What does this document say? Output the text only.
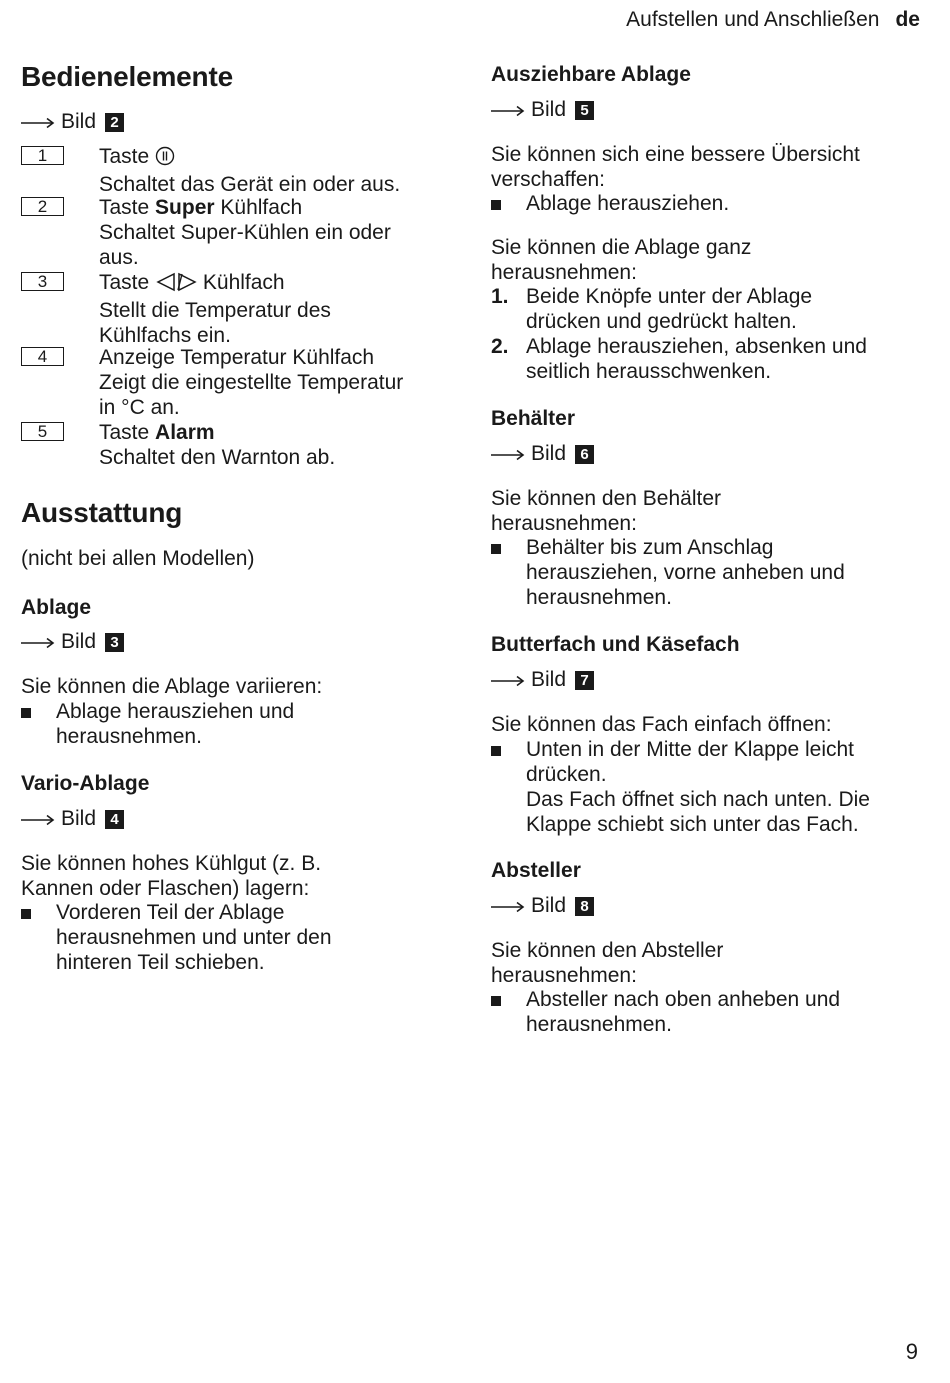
Aufstellen und Anschließen de
Bedienelemente
Bild 2
1	Taste
Schaltet das Gerät ein oder aus.
2	Taste Super Kühlfach
Schaltet Super-Kühlen ein oder
aus.
3	Taste	Kühlfach
Stellt die Temperatur des
Kühlfachs ein.
4	Anzeige Temperatur Kühlfach
Zeigt die eingestellte Temperatur
in °C an.
5	Taste Alarm
Schaltet den Warnton ab.
Ausstattung
(nicht bei allen Modellen)
Ablage
Bild 3
Sie können die Ablage variieren:
Ablage herausziehen und
herausnehmen.
Vario-Ablage
Bild 4
Sie können hohes Kühlgut (z. B.
Kannen oder Flaschen) lagern:
Vorderen Teil der Ablage
herausnehmen und unter den
hinteren Teil schieben.
Ausziehbare Ablage
Bild 5
Sie können sich eine bessere Übersicht
verschaffen:
Ablage herausziehen.
Sie können die Ablage ganz
herausnehmen:
1. Beide Knöpfe unter der Ablage
drücken und gedrückt halten.
2. Ablage herausziehen, absenken und
seitlich herausschwenken.
Behälter
Bild 6
Sie können den Behälter
herausnehmen:
Behälter bis zum Anschlag
herausziehen, vorne anheben und
herausnehmen.
Butterfach und Käsefach
Bild 7
Sie können das Fach einfach öffnen:
Unten in der Mitte der Klappe leicht
drücken.
Das Fach öffnet sich nach unten. Die
Klappe schiebt sich unter das Fach.
Absteller
Bild 8
Sie können den Absteller
herausnehmen:
Absteller nach oben anheben und
herausnehmen.
9
